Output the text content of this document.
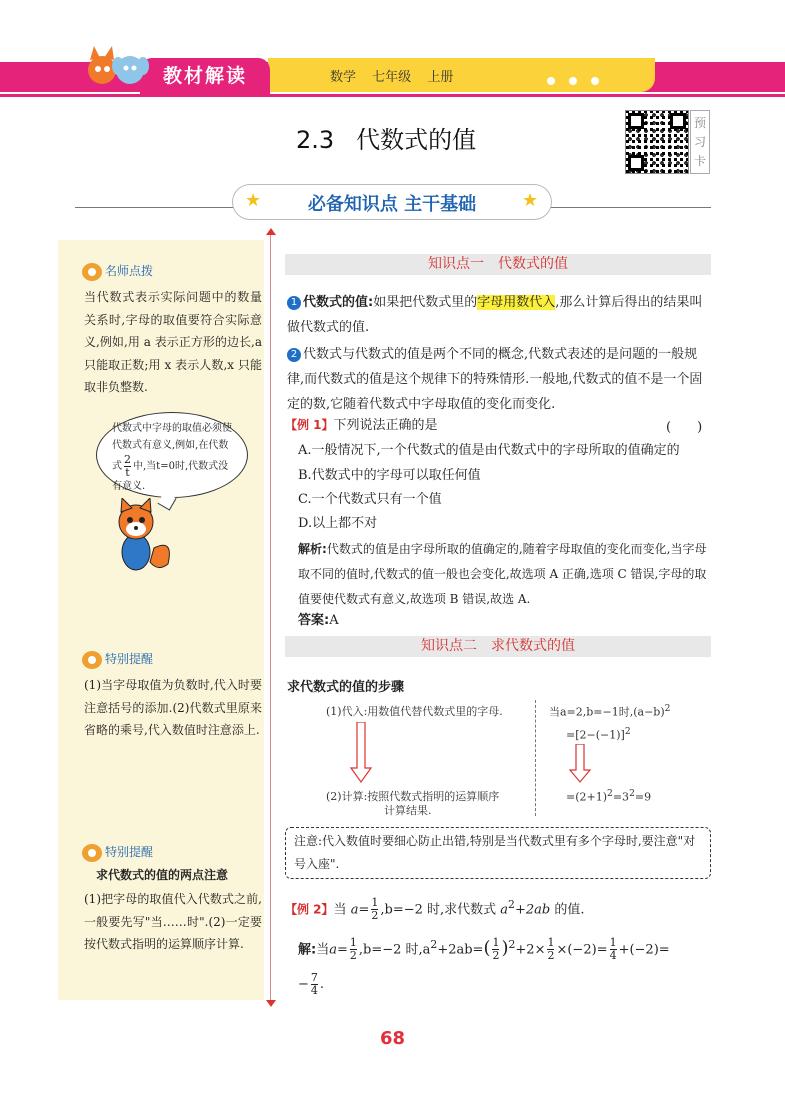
教材解读	数学 七年级 上册
2.3 代数式的值
预习卡
★	★
必备知识点 主干基础
名师点拨
当代数式表示实际问题中的数量关系时,字母的取值要符合实际意义,例如,用 a 表示正方形的边长,a 只能取正数;用 x 表示人数,x 只能取非负整数.
代数式中字母的取值必须使代数式有意义,例如,在代数式 $\frac{2}{t}$ 中,当t=0时,代数式没有意义.
特别提醒
(1)当字母取值为负数时,代入时要注意括号的添加.(2)代数式里原来省略的乘号,代入数值时注意添上.
特别提醒
求代数式的值的两点注意
(1)把字母的取值代入代数式之前,一般要先写"当……时".(2)一定要按代数式指明的运算顺序计算.
知识点一　代数式的值
1 代数式的值:如果把代数式里的字母用数代入,那么计算后得出的结果叫做代数式的值.
2 代数式与代数式的值是两个不同的概念,代数式表述的是问题的一般规律,而代数式的值是这个规律下的特殊情形.一般地,代数式的值不是一个固定的数,它随着代数式中字母取值的变化而变化.
【例 1】下列说法正确的是	(　　)
A.一般情况下,一个代数式的值是由代数式中的字母所取的值确定的
B.代数式中的字母可以取任何值
C.一个代数式只有一个值
D.以上都不对
解析:代数式的值是由字母所取的值确定的,随着字母取值的变化而变化,当字母取不同的值时,代数式的值一般也会变化,故选项 A 正确,选项 C 错误,字母的取值要使代数式有意义,故选项 B 错误,故选 A.
答案:A
知识点二　求代数式的值
求代数式的值的步骤
(1)代入:用数值代替代数式里的字母.
(2)计算:按照代数式指明的运算顺序
计算结果.
当a=2,b=−1时$,(a-b)^2$
$=[2-(-1)]^2$
$=(2+1)^2=3^2=9$
注意:代入数值时要细心防止出错,特别是当代数式里有多个字母时,要注意"对号入座".
【例 2】当 $a= \frac{1}{2} ,b=-2$ 时,求代数式 $a^2+2ab$ 的值.
解:当$a= \frac{1}{2} ,b=-2$ 时$,a^2+2ab=( \frac{1}{2} )^2+2\times \frac{1}{2} \times(-2)= \frac{1}{4} +(-2)=$
− $\frac{7}{4}$ .
68
